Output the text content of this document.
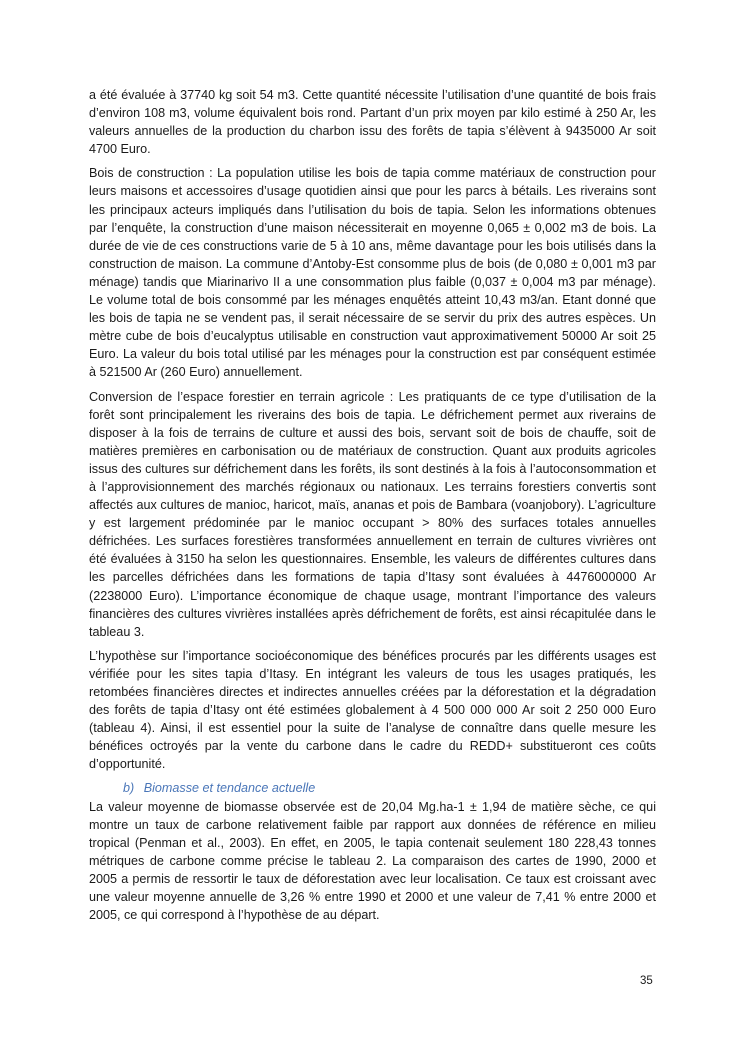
a été évaluée à 37740 kg soit 54 m3. Cette quantité nécessite l’utilisation d’une quantité de bois frais d’environ 108 m3, volume équivalent bois rond. Partant d’un prix moyen par kilo estimé à 250 Ar, les valeurs annuelles de la production du charbon issu des forêts de tapia s’élèvent à 9435000 Ar soit 4700 Euro.

Bois de construction : La population utilise les bois de tapia comme matériaux de construction pour leurs maisons et accessoires d’usage quotidien ainsi que pour les parcs à bétails. Les riverains sont les principaux acteurs impliqués dans l’utilisation du bois de tapia. Selon les informations obtenues par l’enquête, la construction d’une maison nécessiterait en moyenne 0,065 ± 0,002 m3 de bois. La durée de vie de ces constructions varie de 5 à 10 ans, même davantage pour les bois utilisés dans la construction de maison. La commune d’Antoby-Est consomme plus de bois (de 0,080 ± 0,001 m3 par ménage) tandis que Miarinarivo II a une consommation plus faible (0,037 ± 0,004 m3 par ménage). Le volume total de bois consommé par les ménages enquêtés atteint 10,43 m3/an. Etant donné que les bois de tapia ne se vendent pas, il serait nécessaire de se servir du prix des autres espèces. Un mètre cube de bois d’eucalyptus utilisable en construction vaut approximativement 50000 Ar soit 25 Euro. La valeur du bois total utilisé par les ménages pour la construction est par conséquent estimée à 521500 Ar (260 Euro) annuellement.

Conversion de l’espace forestier en terrain agricole : Les pratiquants de ce type d’utilisation de la forêt sont principalement les riverains des bois de tapia. Le défrichement permet aux riverains de disposer à la fois de terrains de culture et aussi des bois, servant soit de bois de chauffe, soit de matières premières en carbonisation ou de matériaux de construction. Quant aux produits agricoles issus des cultures sur défrichement dans les forêts, ils sont destinés à la fois à l’autoconsommation et à l’approvisionnement des marchés régionaux ou nationaux. Les terrains forestiers convertis sont affectés aux cultures de manioc, haricot, maïs, ananas et pois de Bambara (voanjobory). L’agriculture y est largement prédominée par le manioc occupant > 80% des surfaces totales annuelles défrichées. Les surfaces forestières transformées annuellement en terrain de cultures vivrières ont été évaluées à 3150 ha selon les questionnaires. Ensemble, les valeurs de différentes cultures dans les parcelles défrichées dans les formations de tapia d’Itasy sont évaluées à 4476000000 Ar (2238000 Euro). L’importance économique de chaque usage, montrant l’importance des valeurs financières des cultures vivrières installées après défrichement de forêts, est ainsi récapitulée dans le tableau 3.

L’hypothèse sur l’importance socioéconomique des bénéfices procurés par les différents usages est vérifiée pour les sites tapia d’Itasy. En intégrant les valeurs de tous les usages pratiqués, les retombées financières directes et indirectes annuelles créées par la déforestation et la dégradation des forêts de tapia d’Itasy ont été estimées globalement à 4 500 000 000 Ar soit 2 250 000 Euro (tableau 4). Ainsi, il est essentiel pour la suite de l’analyse de connaître dans quelle mesure les bénéfices octroyés par la vente du carbone dans le cadre du REDD+ substitueront ces coûts d’opportunité.

b) Biomasse et tendance actuelle

La valeur moyenne de biomasse observée est de 20,04 Mg.ha-1 ± 1,94 de matière sèche, ce qui montre un taux de carbone relativement faible par rapport aux données de référence en milieu tropical (Penman et al., 2003). En effet, en 2005, le tapia contenait seulement 180 228,43 tonnes métriques de carbone comme précise le tableau 2. La comparaison des cartes de 1990, 2000 et 2005 a permis de ressortir le taux de déforestation avec leur localisation. Ce taux est croissant avec une valeur moyenne annuelle de 3,26 % entre 1990 et 2000 et une valeur de 7,41 % entre 2000 et 2005, ce qui correspond à l’hypothèse de au départ.

35
